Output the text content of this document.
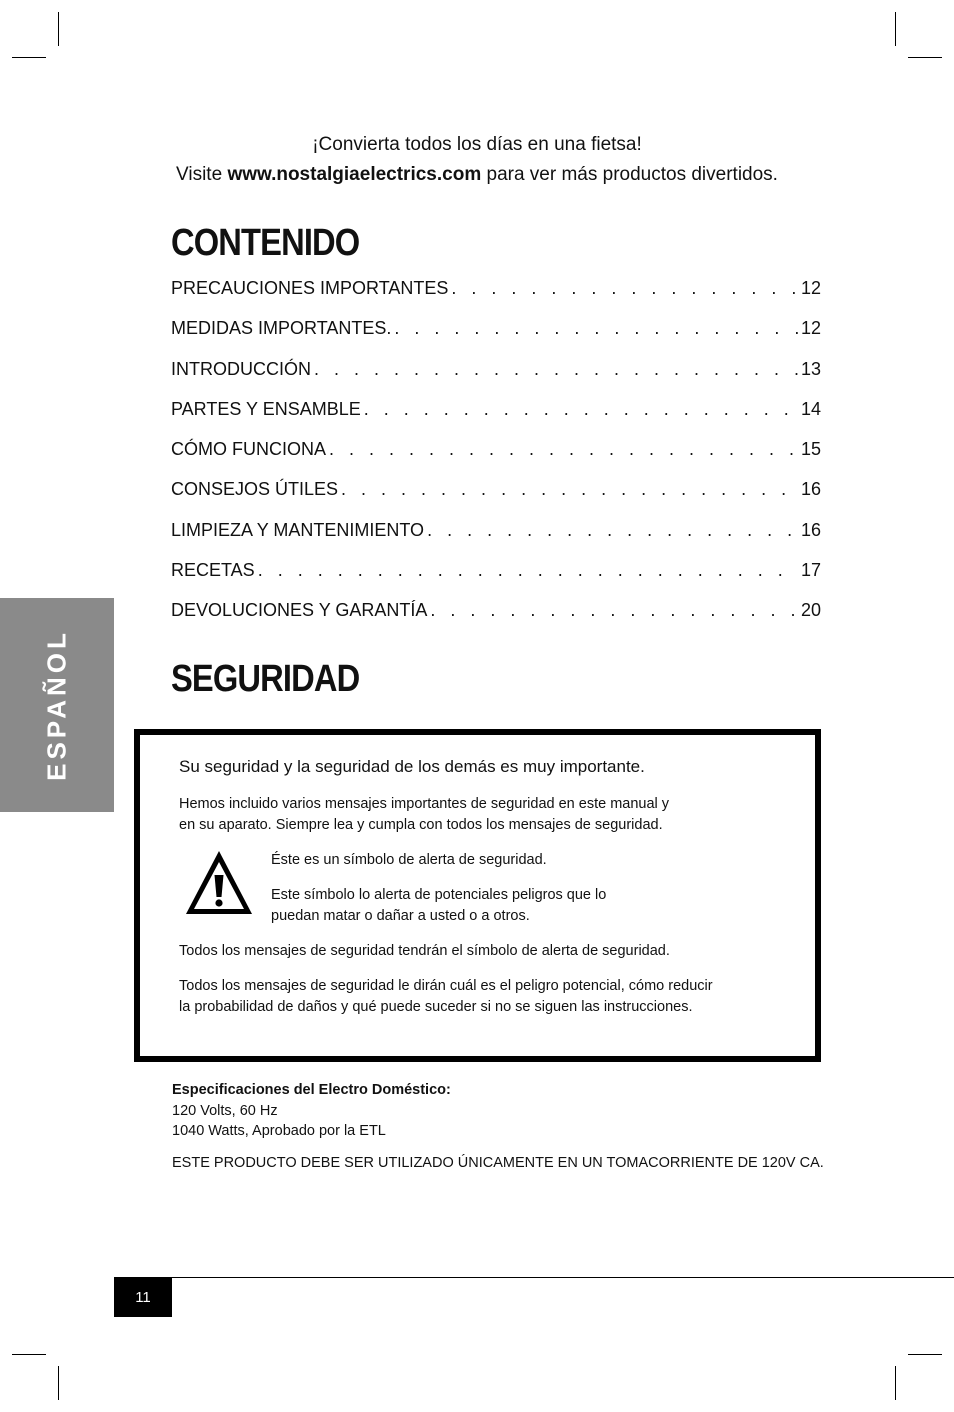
¡Convierta todos los días en una fietsa!
Visite www.nostalgiaelectrics.com para ver más productos divertidos.
CONTENIDO
PRECAUCIONES IMPORTANTES . . .	12
MEDIDAS IMPORTANTES. . . .	12
INTRODUCCIÓN . . .	13
PARTES Y ENSAMBLE . . .	14
CÓMO FUNCIONA . . .	15
CONSEJOS ÚTILES . . .	16
LIMPIEZA Y MANTENIMIENTO . . .	16
RECETAS . . .	17
DEVOLUCIONES Y GARANTÍA . . .	20
ESPAÑOL	SEGURIDAD
Su seguridad y la seguridad de los demás es muy importante.
Hemos incluido varios mensajes importantes de seguridad en este manual y
en su aparato. Siempre lea y cumpla con todos los mensajes de seguridad.
Éste es un símbolo de alerta de seguridad.
Este símbolo lo alerta de potenciales peligros que lo
puedan matar o dañar a usted o a otros.
Todos los mensajes de seguridad tendrán el símbolo de alerta de seguridad.
Todos los mensajes de seguridad le dirán cuál es el peligro potencial, cómo reducir
la probabilidad de daños y qué puede suceder si no se siguen las instrucciones.
Especificaciones del Electro Doméstico:
120 Volts, 60 Hz
1040 Watts, Aprobado por la ETL
ESTE PRODUCTO DEBE SER UTILIZADO ÚNICAMENTE EN UN TOMACORRIENTE DE 120V CA.
11
